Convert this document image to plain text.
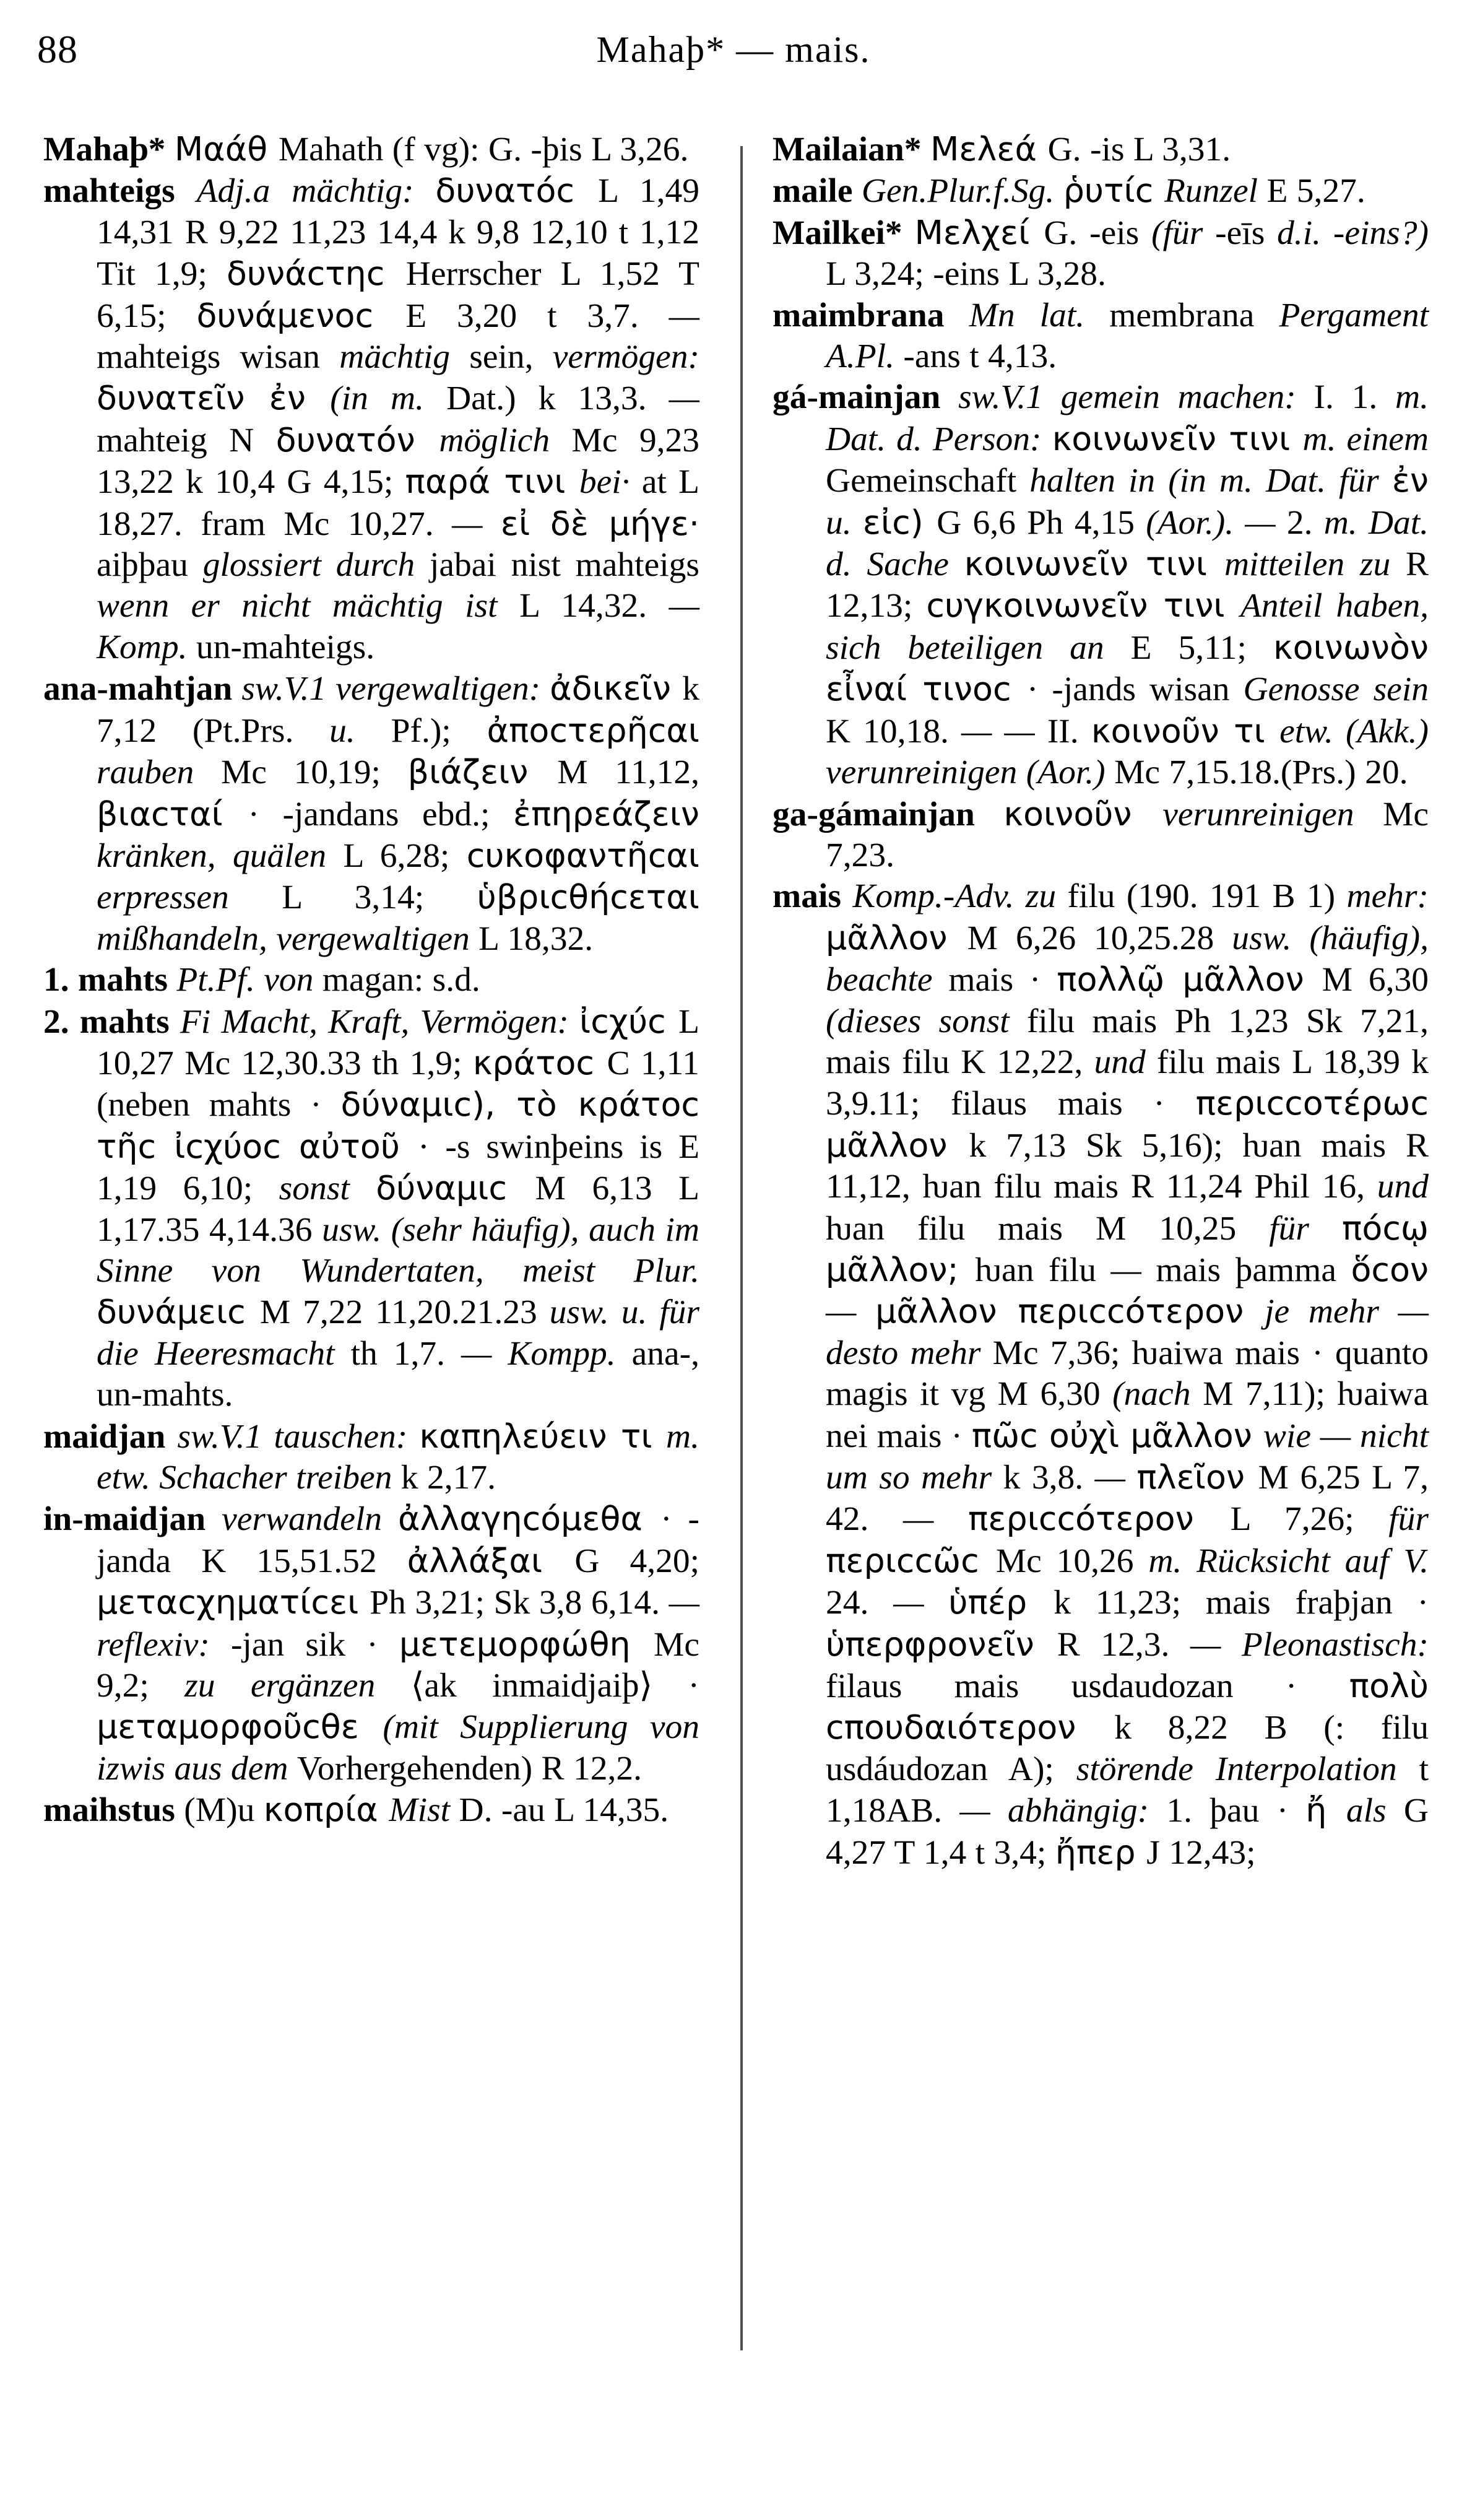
88	Mahaþ* — mais.

Mahaþ* Μαάθ Mahath (f vg): G. -þis L 3,26.

mahteigs Adj.a mächtig: δυνατόc L 1,49 14,31 R 9,22 11,23 14,4 k 9,8 12,10 t 1,12 Tit 1,9; δυνάcτηc Herrscher L 1,52 T 6,15; δυνάμενοc E 3,20 t 3,7. — mahteigs wisan mächtig sein, vermögen: δυνατεῖν ἐν (in m. Dat.) k 13,3. — mahteig N δυνατόν möglich Mc 9,23 13,22 k 10,4 G 4,15; παρά τινι bei· at L 18,27. fram Mc 10,27. — εἰ δὲ μήγε· aiþþau glossiert durch jabai nist mahteigs wenn er nicht mächtig ist L 14,32. — Komp. un-mahteigs.

ana-mahtjan sw.V.1 vergewaltigen: ἀδικεῖν k 7,12 (Pt.Prs. u. Pf.); ἀποcτερῆcαι rauben Mc 10,19; βιάζειν M 11,12, βιαcταί · -jandans ebd.; ἐπηρεάζειν kränken, quälen L 6,28; cυκοφαντῆcαι erpressen L 3,14; ὑβριcθήcεται mißhandeln, vergewaltigen L 18,32.

1. mahts Pt.Pf. von magan: s.d.

2. mahts Fi Macht, Kraft, Vermögen: ἰcχύc L 10,27 Mc 12,30.33 th 1,9; κράτοc C 1,11 (neben mahts · δύναμιc), τὸ κράτοc τῆc ἰcχύοc αὐτοῦ · -s swinþeins is E 1,19 6,10; sonst δύναμιc M 6,13 L 1,17.35 4,14.36 usw. (sehr häufig), auch im Sinne von Wundertaten, meist Plur. δυνάμειc M 7,22 11,20.21.23 usw. u. für die Heeresmacht th 1,7. — Kompp. ana-, un-mahts.

maidjan sw.V.1 tauschen: καπηλεύειν τι m. etw. Schacher treiben k 2,17.

in-maidjan verwandeln ἀλλαγηcόμεθα · -janda K 15,51.52 ἀλλάξαι G 4,20; μεταcχηματίcει Ph 3,21; Sk 3,8 6,14. — reflexiv: -jan sik · μετεμορφώθη Mc 9,2; zu ergänzen ⟨ak inmaidjaiþ⟩ · μεταμορφοῦcθε (mit Supplierung von izwis aus dem Vorhergehenden) R 12,2.

maihstus (M)u κοπρία Mist D. -au L 14,35.

Mailaian* Μελεά G. -is L 3,31.

maile Gen.Plur.f.Sg. ῥυτίc Runzel E 5,27.

Mailkei* Μελχεί G. -eis (für -eīs d.i. -eins?) L 3,24; -eins L 3,28.

maimbrana Mn lat. membrana Pergament A.Pl. -ans t 4,13.

gá-mainjan sw.V.1 gemein machen: I. 1. m. Dat. d. Person: κοινωνεῖν τινι m. einem Gemeinschaft halten in (in m. Dat. für ἐν u. εἰc) G 6,6 Ph 4,15 (Aor.). — 2. m. Dat. d. Sache κοινωνεῖν τινι mitteilen zu R 12,13; cυγκοινωνεῖν τινι Anteil haben, sich beteiligen an E 5,11; κοινωνὸν εἶναί τινοc · -jands wisan Genosse sein K 10,18. — — II. κοινοῦν τι etw. (Akk.) verunreinigen (Aor.) Mc 7,15.18.(Prs.) 20.

ga-gámainjan κοινοῦν verunreinigen Mc 7,23.

mais Komp.-Adv. zu filu (190. 191 B 1) mehr: μᾶλλον M 6,26 10,25.28 usw. (häufig), beachte mais · πολλῷ μᾶλλον M 6,30 (dieses sonst filu mais Ph 1,23 Sk 7,21, mais filu K 12,22, und filu mais L 18,39 k 3,9.11; filaus mais · περιccοτέρωc μᾶλλον k 7,13 Sk 5,16); ƕan mais R 11,12, ƕan filu mais R 11,24 Phil 16, und ƕan filu mais M 10,25 für πόcῳ μᾶλλον; ƕan filu — mais þamma ὅcον — μᾶλλον περιccότερον je mehr — desto mehr Mc 7,36; ƕaiwa mais · quanto magis it vg M 6,30 (nach M 7,11); ƕaiwa nei mais · πῶc οὐχὶ μᾶλλον wie — nicht um so mehr k 3,8. — πλεῖον M 6,25 L 7, 42. — περιccότερον L 7,26; für περιccῶc Mc 10,26 m. Rücksicht auf V. 24. — ὑπέρ k 11,23; mais fraþjan · ὑπερφρονεῖν R 12,3. — Pleonastisch: filaus mais usdaudozan · πολὺ cπουδαιότερον k 8,22 B (: filu usdáudozan A); störende Interpolation t 1,18AB. — abhängig: 1. þau · ἤ als G 4,27 T 1,4 t 3,4; ἤπερ J 12,43;
